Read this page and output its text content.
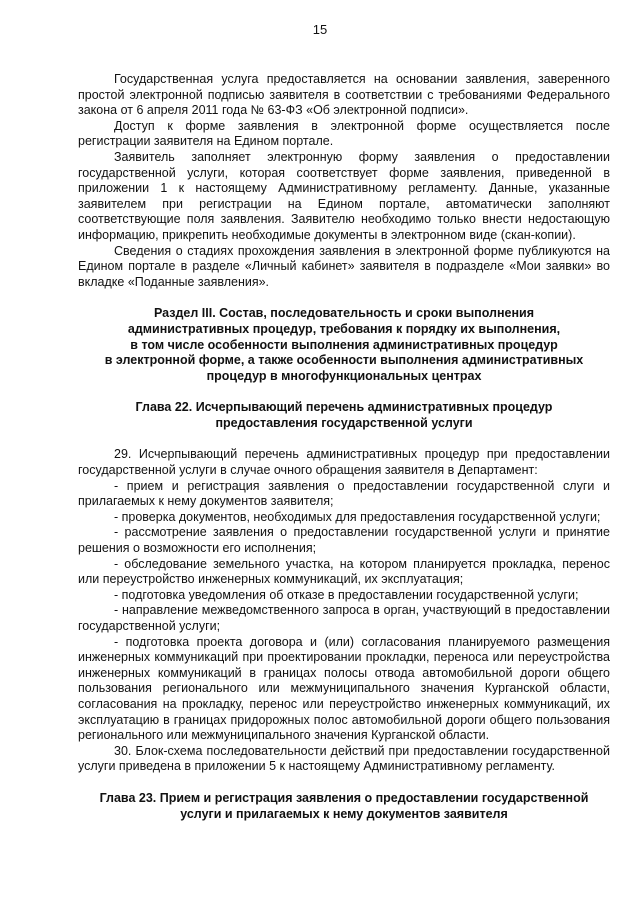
15

Государственная услуга предоставляется на основании заявления, заверенного простой электронной подписью заявителя в соответствии с требованиями Федерального закона от 6 апреля 2011 года № 63-ФЗ «Об электронной подписи».

Доступ к форме заявления в электронной форме осуществляется после регистрации заявителя на Едином портале.

Заявитель заполняет электронную форму заявления о предоставлении государственной услуги, которая соответствует форме заявления, приведенной в приложении 1 к настоящему Административному регламенту. Данные, указанные заявителем при регистрации на Едином портале, автоматически заполняют соответствующие поля заявления. Заявителю необходимо только внести недостающую информацию, прикрепить необходимые документы в электронном виде (скан-копии).

Сведения о стадиях прохождения заявления в электронной форме публикуются на Едином портале в разделе «Личный кабинет» заявителя в подразделе «Мои заявки» во вкладке «Поданные заявления».

Раздел III. Состав, последовательность и сроки выполнения
административных процедур, требования к порядку их выполнения,
в том числе особенности выполнения административных процедур
в электронной форме, а также особенности выполнения административных
процедур в многофункциональных центрах
Глава 22. Исчерпывающий перечень административных процедур
предоставления государственной услуги

29. Исчерпывающий перечень административных процедур при предоставлении государственной услуги в случае очного обращения заявителя в Департамент:

- прием и регистрация заявления о предоставлении государственной слуги и прилагаемых к нему документов заявителя;

- проверка документов, необходимых для предоставления государственной услуги;

- рассмотрение заявления о предоставлении государственной услуги и принятие решения о возможности его исполнения;

- обследование земельного участка, на котором планируется прокладка, перенос или переустройство инженерных коммуникаций, их эксплуатация;

- подготовка уведомления об отказе в предоставлении государственной услуги;

- направление межведомственного запроса в орган, участвующий в предоставлении государственной услуги;

- подготовка проекта договора и (или) согласования планируемого размещения инженерных коммуникаций при проектировании прокладки, переноса или переустройства инженерных коммуникаций в границах полосы отвода автомобильной дороги общего пользования регионального или межмуниципального значения Курганской области, согласования на прокладку, перенос или переустройство инженерных коммуникаций, их эксплуатацию в границах придорожных полос автомобильной дороги общего пользования регионального или межмуниципального значения Курганской области.

30. Блок-схема последовательности действий при предоставлении государственной услуги приведена в приложении 5 к настоящему Административному регламенту.

Глава 23. Прием и регистрация заявления о предоставлении государственной
услуги и прилагаемых к нему документов заявителя
